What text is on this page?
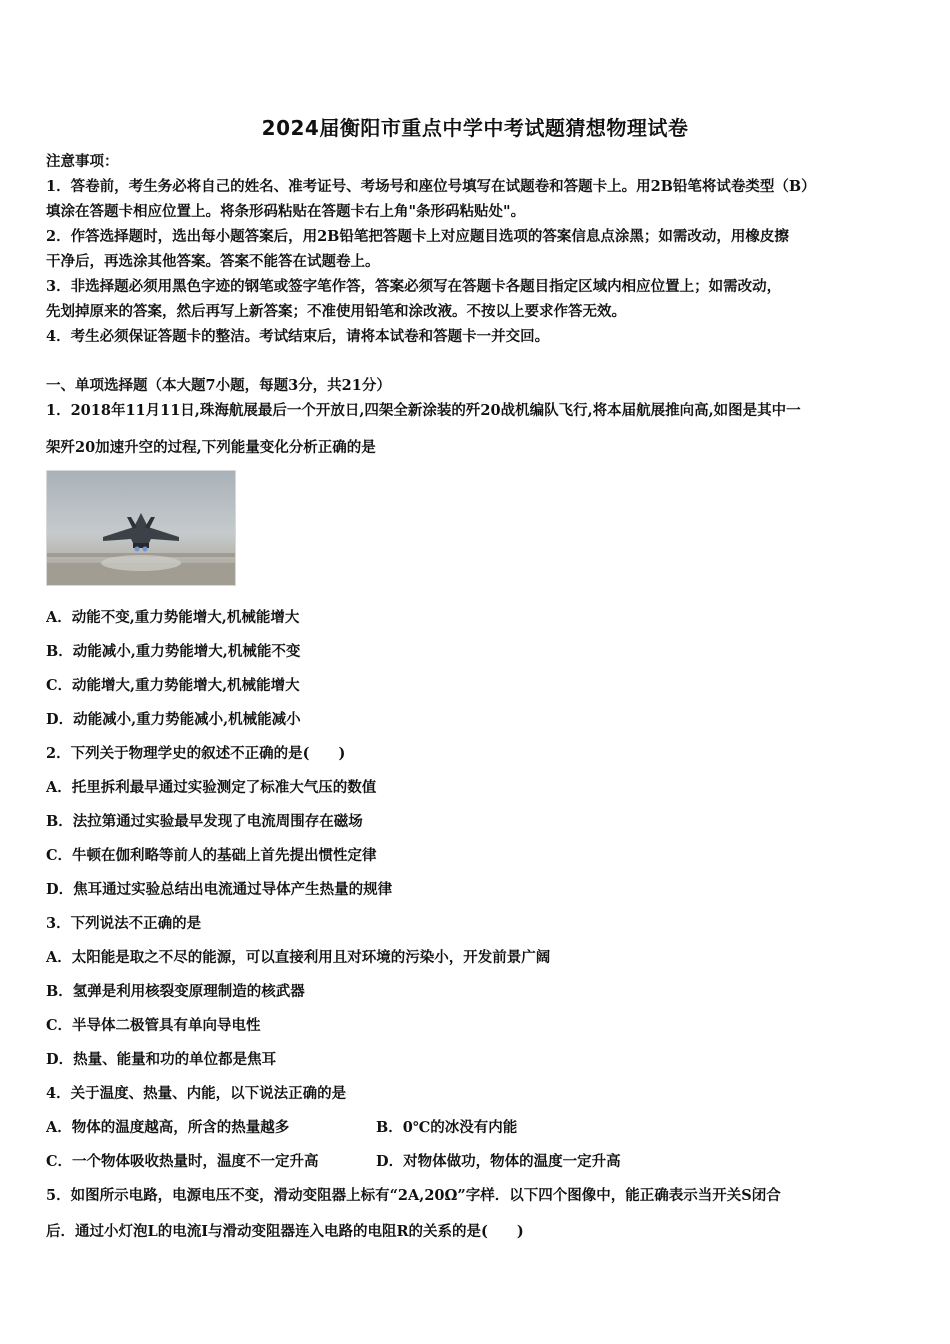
2024届衡阳市重点中学中考试题猜想物理试卷
注意事项：
1．答卷前，考生务必将自己的姓名、准考证号、考场号和座位号填写在试题卷和答题卡上。用2B铅笔将试卷类型（B）
填涂在答题卡相应位置上。将条形码粘贴在答题卡右上角"条形码粘贴处"。
2．作答选择题时，选出每小题答案后，用2B铅笔把答题卡上对应题目选项的答案信息点涂黑；如需改动，用橡皮擦
干净后，再选涂其他答案。答案不能答在试题卷上。
3．非选择题必须用黑色字迹的钢笔或签字笔作答，答案必须写在答题卡各题目指定区域内相应位置上；如需改动，
先划掉原来的答案，然后再写上新答案；不准使用铅笔和涂改液。不按以上要求作答无效。
4．考生必须保证答题卡的整洁。考试结束后，请将本试卷和答题卡一并交回。
一、单项选择题（本大题7小题，每题3分，共21分）
1．2018年11月11日,珠海航展最后一个开放日,四架全新涂装的歼20战机编队飞行,将本届航展推向高,如图是其中一
架歼20加速升空的过程,下列能量变化分析正确的是
A．动能不变,重力势能增大,机械能增大
B．动能减小,重力势能增大,机械能不变
C．动能增大,重力势能增大,机械能增大
D．动能减小,重力势能减小,机械能减小
2．下列关于物理学史的叙述不正确的是(　　)
A．托里拆利最早通过实验测定了标准大气压的数值
B．法拉第通过实验最早发现了电流周围存在磁场
C．牛顿在伽利略等前人的基础上首先提出惯性定律
D．焦耳通过实验总结出电流通过导体产生热量的规律
3．下列说法不正确的是
A．太阳能是取之不尽的能源，可以直接利用且对环境的污染小，开发前景广阔
B．氢弹是利用核裂变原理制造的核武器
C．半导体二极管具有单向导电性
D．热量、能量和功的单位都是焦耳
4．关于温度、热量、内能，以下说法正确的是
A．物体的温度越高，所含的热量越多	B．0℃的冰没有内能
C．一个物体吸收热量时，温度不一定升高	D．对物体做功，物体的温度一定升高
5．如图所示电路，电源电压不变，滑动变阻器上标有“2A,20Ω”字样．以下四个图像中，能正确表示当开关S闭合
后．通过小灯泡L的电流I与滑动变阻器连入电路的电阻R的关系的是(　　)
